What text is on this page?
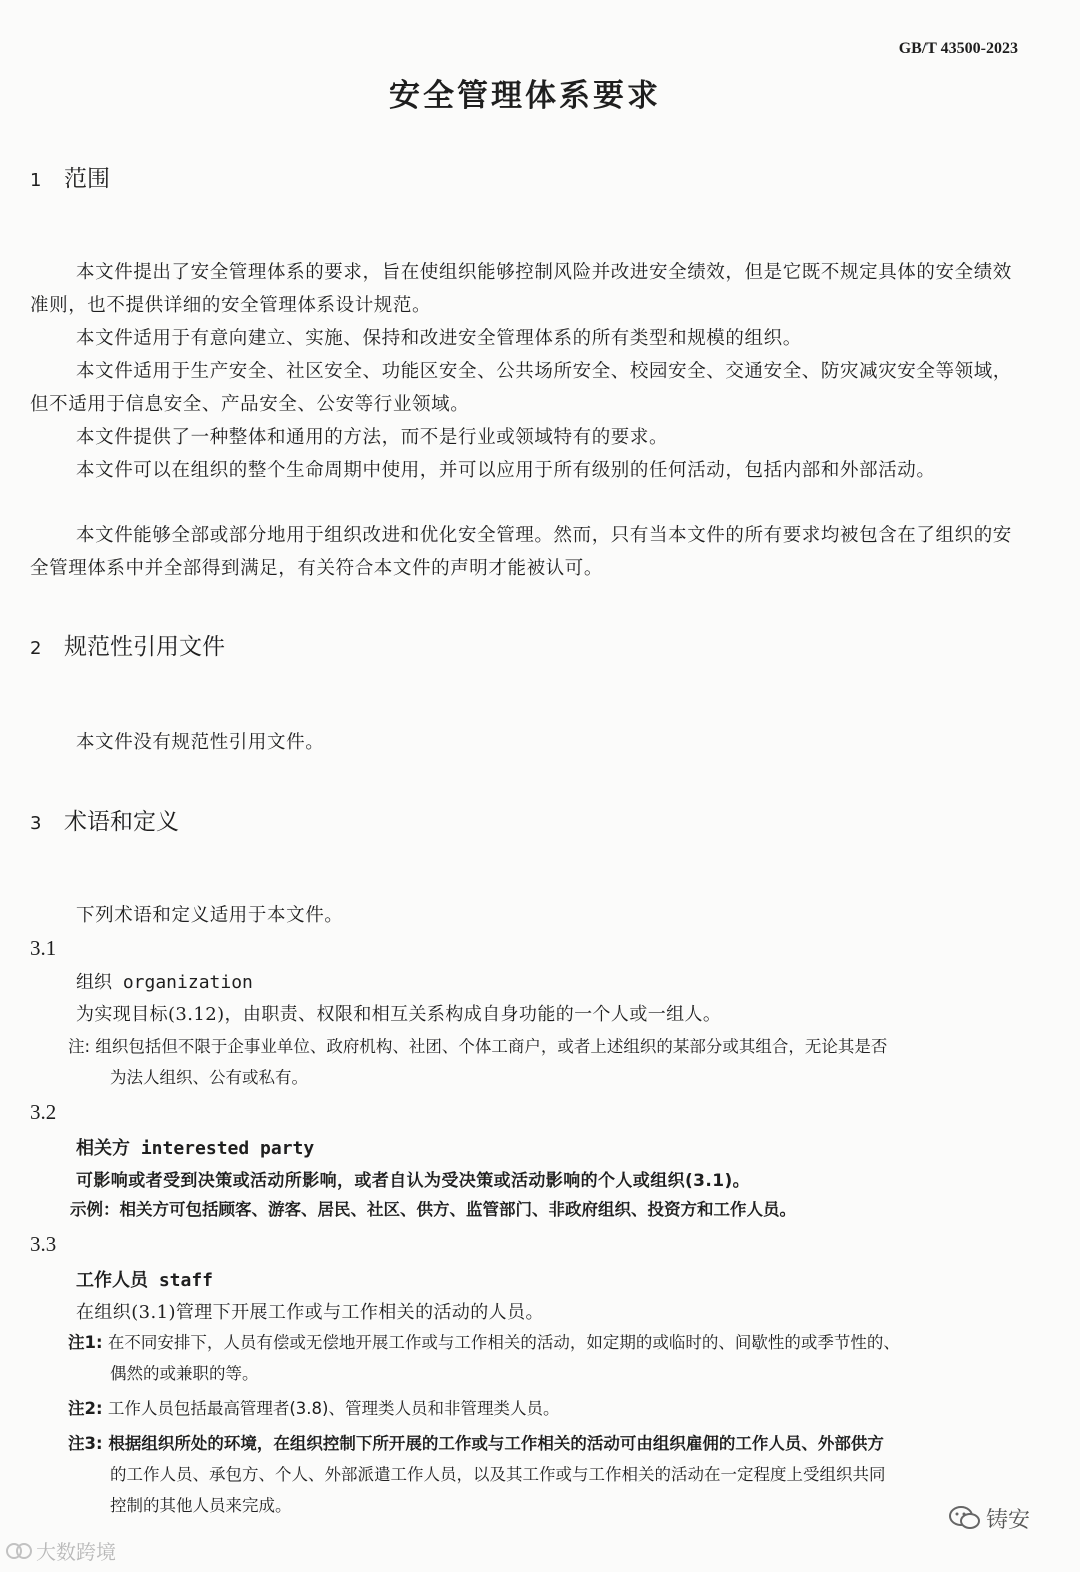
GB/T 43500-2023
安全管理体系要求
1 范围
本文件提出了安全管理体系的要求，旨在使组织能够控制风险并改进安全绩效，但是它既不规定具体的安全绩效准则，也不提供详细的安全管理体系设计规范。
本文件适用于有意向建立、实施、保持和改进安全管理体系的所有类型和规模的组织。
本文件适用于生产安全、社区安全、功能区安全、公共场所安全、校园安全、交通安全、防灾减灾安全等领域，但不适用于信息安全、产品安全、公安等行业领域。
本文件提供了一种整体和通用的方法，而不是行业或领域特有的要求。
本文件可以在组织的整个生命周期中使用，并可以应用于所有级别的任何活动，包括内部和外部活动。
本文件能够全部或部分地用于组织改进和优化安全管理。然而，只有当本文件的所有要求均被包含在了组织的安全管理体系中并全部得到满足，有关符合本文件的声明才能被认可。
2 规范性引用文件
本文件没有规范性引用文件。
3 术语和定义
下列术语和定义适用于本文件。
3.1
组织 organization
为实现目标(3.12)，由职责、权限和相互关系构成自身功能的一个人或一组人。
注: 组织包括但不限于企事业单位、政府机构、社团、个体工商户，或者上述组织的某部分或其组合，无论其是否
为法人组织、公有或私有。
3.2
相关方 interested party
可影响或者受到决策或活动所影响，或者自认为受决策或活动影响的个人或组织(3.1)。
示例：相关方可包括顾客、游客、居民、社区、供方、监管部门、非政府组织、投资方和工作人员。
3.3
工作人员 staff
在组织(3.1)管理下开展工作或与工作相关的活动的人员。
注1: 在不同安排下，人员有偿或无偿地开展工作或与工作相关的活动，如定期的或临时的、间歇性的或季节性的、
偶然的或兼职的等。
注2: 工作人员包括最高管理者(3.8)、管理类人员和非管理类人员。
注3: 根据组织所处的环境，在组织控制下所开展的工作或与工作相关的活动可由组织雇佣的工作人员、外部供方
的工作人员、承包方、个人、外部派遣工作人员，以及其工作或与工作相关的活动在一定程度上受组织共同
控制的其他人员来完成。
大数跨境
铸安
